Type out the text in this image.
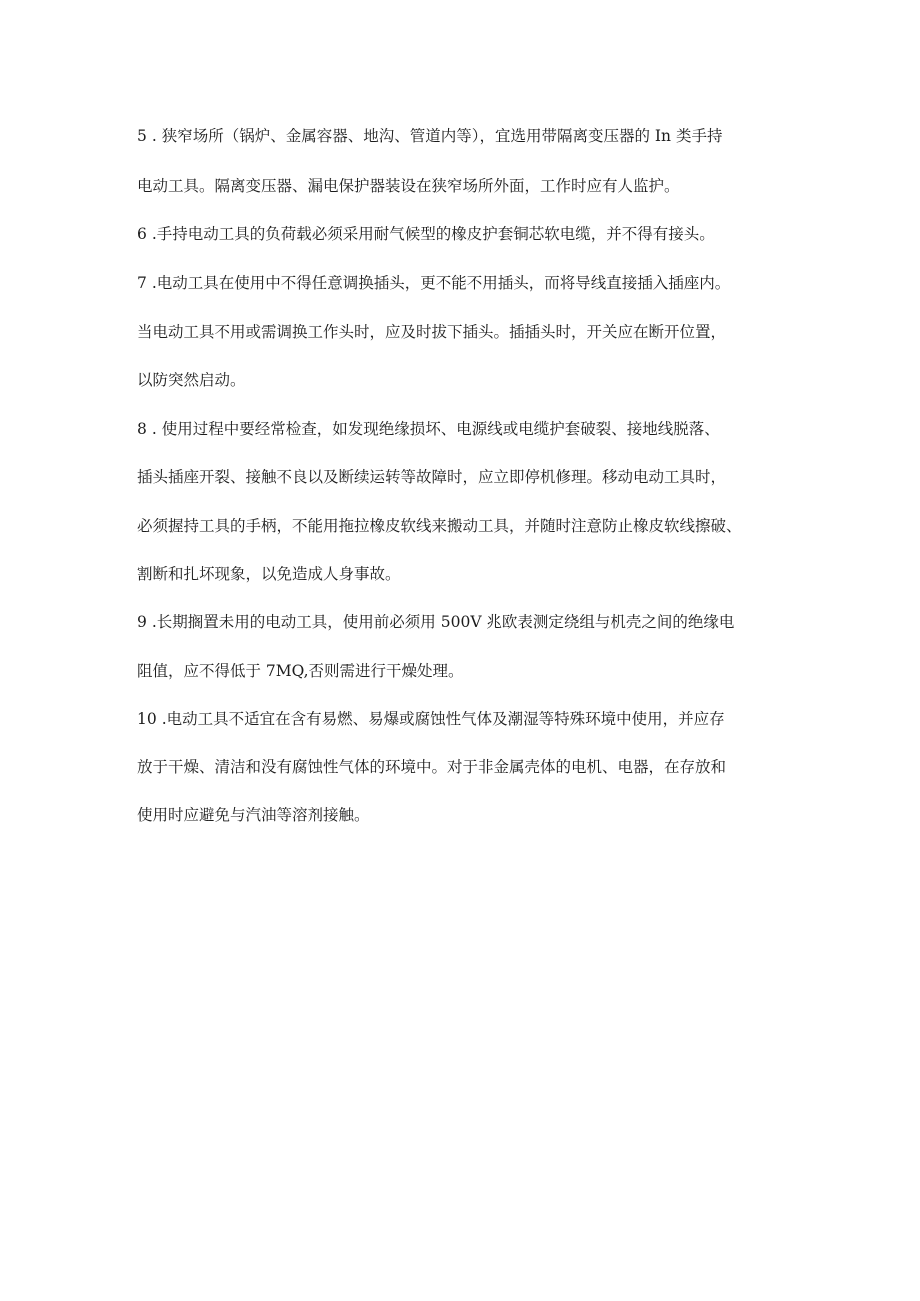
5 . 狭窄场所（锅炉、金属容器、地沟、管道内等），宜选用带隔离变压器的 In 类手持
电动工具。隔离变压器、漏电保护器装设在狭窄场所外面，工作时应有人监护。
6 .手持电动工具的负荷载必须采用耐气候型的橡皮护套铜芯软电缆，并不得有接头。
7 .电动工具在使用中不得任意调换插头，更不能不用插头，而将导线直接插入插座内。
当电动工具不用或需调换工作头时，应及时拔下插头。插插头时，开关应在断开位置，
以防突然启动。
8 . 使用过程中要经常检查，如发现绝缘损坏、电源线或电缆护套破裂、接地线脱落、
插头插座开裂、接触不良以及断续运转等故障时，应立即停机修理。移动电动工具时，
必须握持工具的手柄，不能用拖拉橡皮软线来搬动工具，并随时注意防止橡皮软线擦破、
割断和扎坏现象，以免造成人身事故。
9 .长期搁置未用的电动工具，使用前必须用 500V 兆欧表测定绕组与机壳之间的绝缘电
阻值，应不得低于 7MQ,否则需进行干燥处理。
10 .电动工具不适宜在含有易燃、易爆或腐蚀性气体及潮湿等特殊环境中使用，并应存
放于干燥、清洁和没有腐蚀性气体的环境中。对于非金属壳体的电机、电器，在存放和
使用时应避免与汽油等溶剂接触。
